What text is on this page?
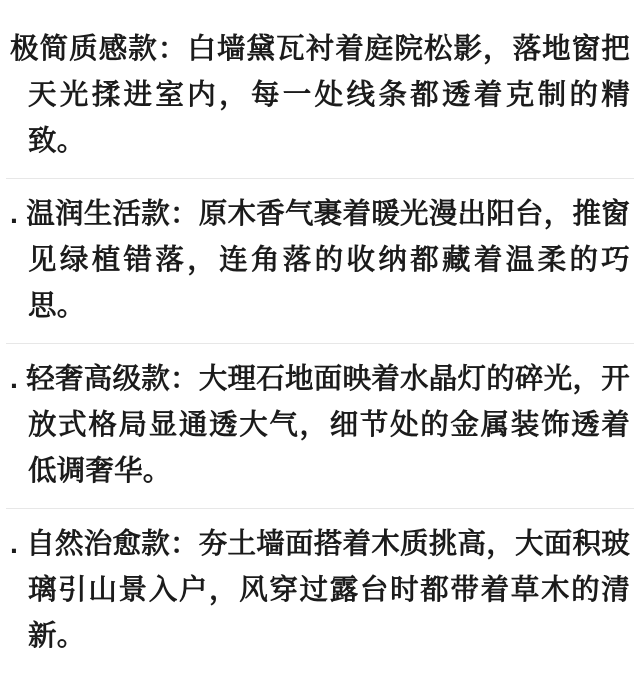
极简质感款：白墙黛瓦衬着庭院松影，落地窗把天光揉进室内，每一处线条都透着克制的精致。

. 温润生活款：原木香气裹着暖光漫出阳台，推窗见绿植错落，连角落的收纳都藏着温柔的巧思。

. 轻奢高级款：大理石地面映着水晶灯的碎光，开放式格局显通透大气，细节处的金属装饰透着低调奢华。

. 自然治愈款：夯土墙面搭着木质挑高，大面积玻璃引山景入户，风穿过露台时都带着草木的清新。
